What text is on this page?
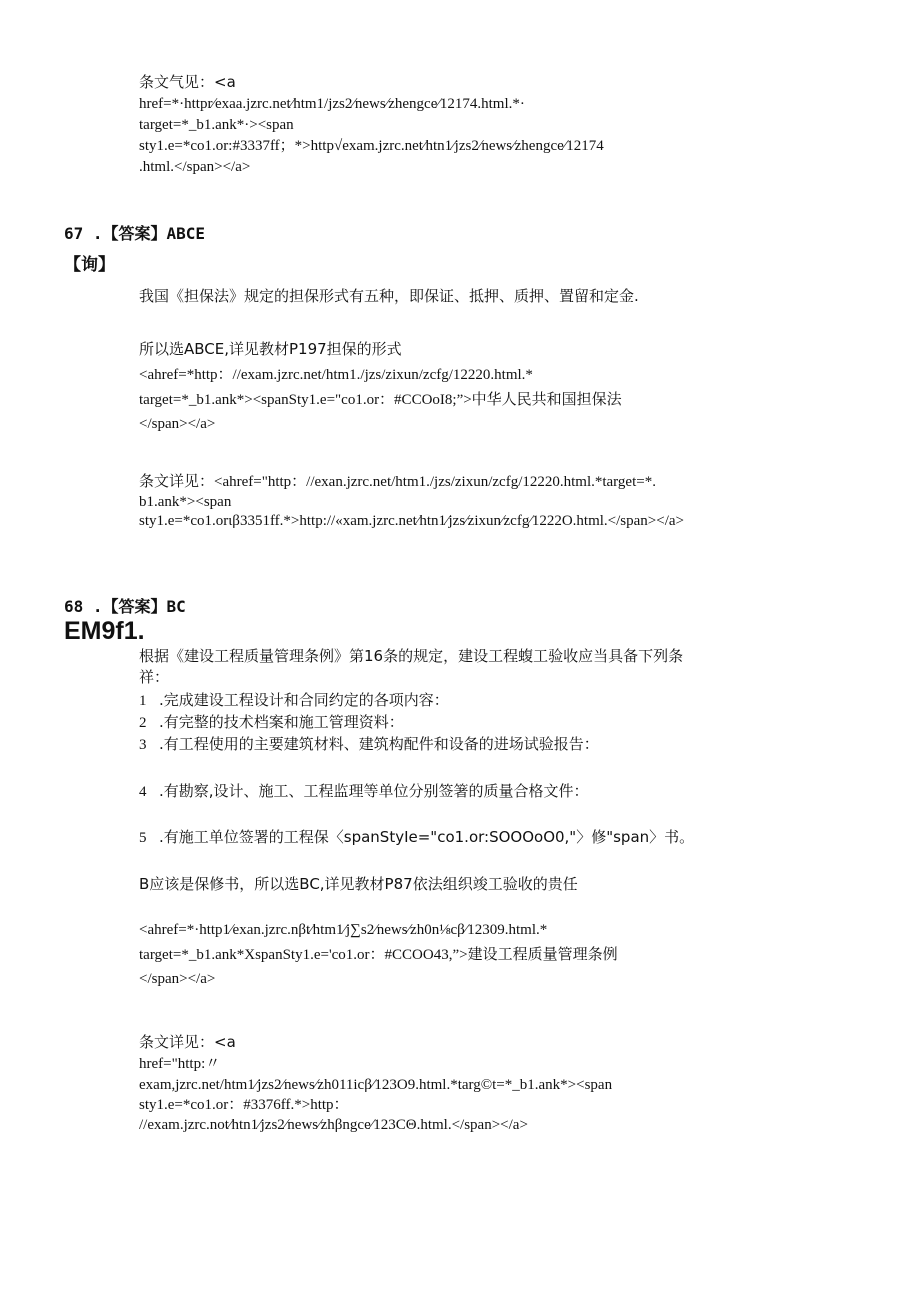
条文气见：<a
href=*·httpr∕exaa.jzrc.net∕htm1/jzs2∕news∕zhengce∕12174.html.*·
target=*_b1.ank*·><span
sty1.e=*co1.or:#3337ff；*>http√exam.jzrc.net∕htn1∕jzs2∕news∕zhengce∕12174
.html.</span></a>
67 .【答案】ABCE
【询】
我国《担保法》规定的担保形式有五种，即保证、抵押、质押、置留和定金.
所以选ABCE,详见教材P197担保的形式
<ahref=*http：//exam.jzrc.net/htm1./jzs/zixun/zcfg/12220.html.*
target=*_b1.ank*><spanSty1.e="co1.or：#CCOoI8;”>中华人民共和国担保法
</span></a>
条文详见：<ahref="http：//exan.jzrc.net/htm1./jzs/zixun/zcfg/12220.html.*target=*.
b1.ank*><span
sty1.e=*co1.orιβ3351ff.*>http://«xam.jzrc.net∕htn1∕jzs∕zixun∕zcfg∕1222O.html.</span></a>
68 .【答案】BC
EM9f1.
根据《建设工程质量管理条例》第16条的规定，建设工程蝮工验收应当具备下列条
祥：
1 .完成建设工程设计和合同约定的各项内容：
2 .有完整的技术档案和施工管理资料：
3 .有工程使用的主要建筑材料、建筑构配件和设备的进场试验报告：
4 .有勘察,设计、施工、工程监理等单位分别签箸的质量合格文件：
5 .有施工单位签署的工程保〈spanStyIe="co1.or:SOOOoO0,"〉修"span〉书。
B应该是保修书，所以选BC,详见教材P87依法组织竣工验收的贵任
<ahref=*·http1∕exan.jzrc.nβt∕htm1∕j∑s2∕news∕zh0n⅛cβ∕12309.html.*
target=*_b1.ank*XspanSty1.e='co1.or：#CCOO43,”>建设工程质量管理条例
</span></a>
条文详见：<a
href="http:〃
exam,jzrc.net/htm1∕jzs2∕news∕zh011icβ∕123O9.html.*targ©t=*_b1.ank*><span
sty1.e=*co1.or：#3376ff.*>http：
//exam.jzrc.not∕htn1∕jzs2∕news∕zhβngce∕123CΘ.html.</span></a>
